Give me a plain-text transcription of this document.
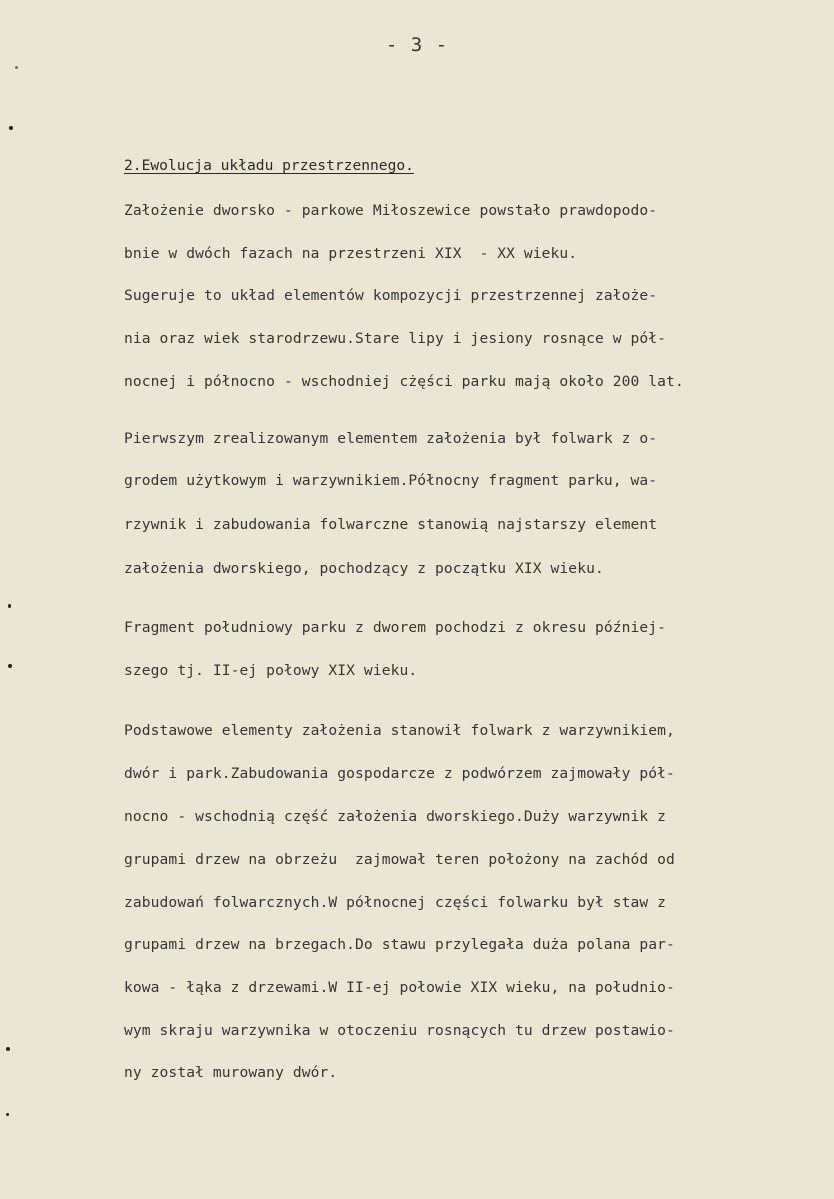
- 3 -
2.Ewolucja układu przestrzennego.
Założenie dworsko - parkowe Miłoszewice powstało prawdopodo-
bnie w dwóch fazach na przestrzeni XIX  - XX wieku.
Sugeruje to układ elementów kompozycji przestrzennej założe-
nia oraz wiek starodrzewu.Stare lipy i jesiony rosnące w pół-
nocnej i północno - wschodniej cżęści parku mają około 200 lat.
Pierwszym zrealizowanym elementem założenia był folwark z o-
grodem użytkowym i warzywnikiem.Północny fragment parku, wa-
rzywnik i zabudowania folwarczne stanowią najstarszy element
założenia dworskiego, pochodzący z początku XIX wieku.
Fragment południowy parku z dworem pochodzi z okresu później-
szego tj. II-ej połowy XIX wieku.
Podstawowe elementy założenia stanowił folwark z warzywnikiem,
dwór i park.Zabudowania gospodarcze z podwórzem zajmowały pół-
nocno - wschodnią część założenia dworskiego.Duży warzywnik z
grupami drzew na obrzeżu  zajmował teren położony na zachód od
zabudowań folwarcznych.W północnej części folwarku był staw z
grupami drzew na brzegach.Do stawu przylegała duża polana par-
kowa - łąka z drzewami.W II-ej połowie XIX wieku, na południo-
wym skraju warzywnika w otoczeniu rosnących tu drzew postawio-
ny został murowany dwór.
